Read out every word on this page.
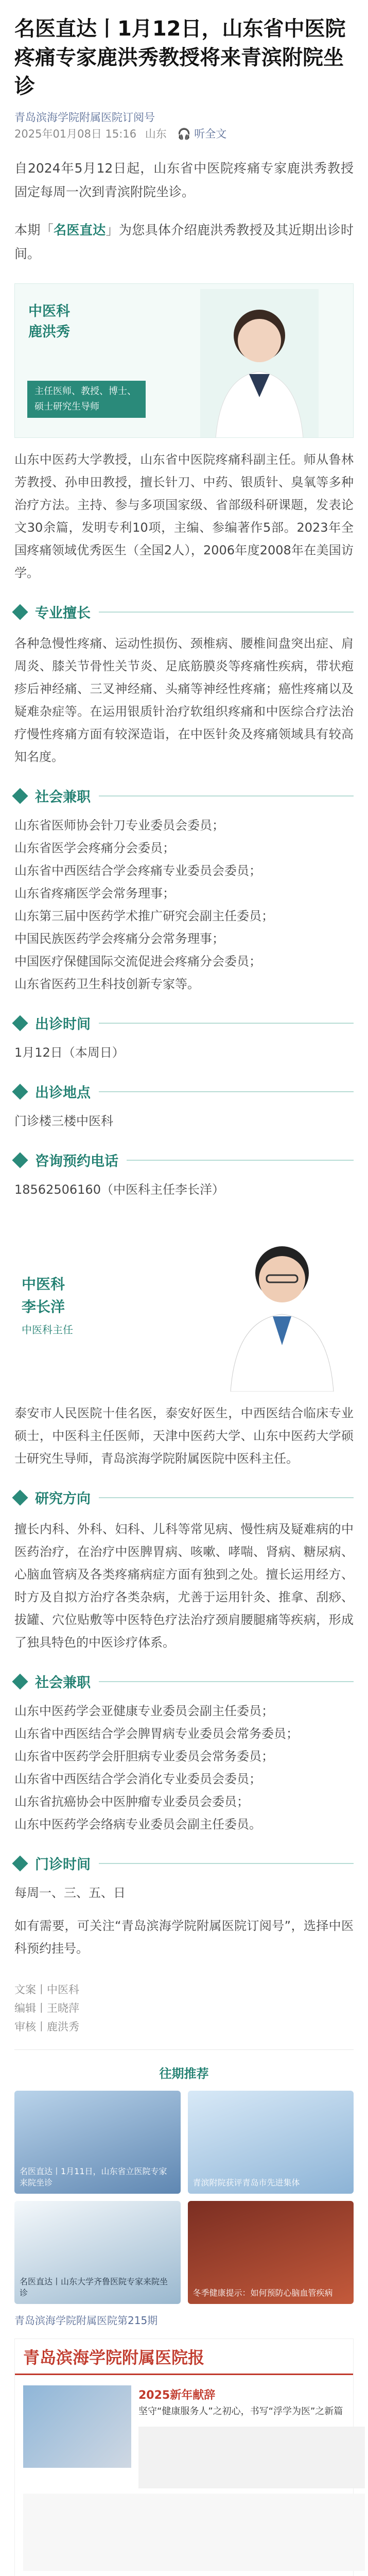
名医直达丨1月12日，山东省中医院疼痛专家鹿洪秀教授将来青滨附院坐诊
青岛滨海学院附属医院订阅号
2025年01月08日 15:16 山东 🎧 听全文

自2024年5月12日起，山东省中医院疼痛专家鹿洪秀教授固定每周一次到青滨附院坐诊。

本期「名医直达」为您具体介绍鹿洪秀教授及其近期出诊时间。

中医科
鹿洪秀
主任医师、教授、博士、硕士研究生导师

山东中医药大学教授，山东省中医院疼痛科副主任。师从鲁林芳教授、孙申田教授，擅长针刀、中药、银质针、臭氧等多种治疗方法。主持、参与多项国家级、省部级科研课题，发表论文30余篇，发明专利10项，主编、参编著作5部。2023年全国疼痛领域优秀医生（全国2人），2006年度2008年在美国访学。

专业擅长

各种急慢性疼痛、运动性损伤、颈椎病、腰椎间盘突出症、肩周炎、膝关节骨性关节炎、足底筋膜炎等疼痛性疾病，带状疱疹后神经痛、三叉神经痛、头痛等神经性疼痛；癌性疼痛以及疑难杂症等。在运用银质针治疗软组织疼痛和中医综合疗法治疗慢性疼痛方面有较深造诣，在中医针灸及疼痛领域具有较高知名度。

社会兼职

山东省医师协会针刀专业委员会委员；

山东省医学会疼痛分会委员；

山东省中西医结合学会疼痛专业委员会委员；

山东省疼痛医学会常务理事；

山东第三届中医药学术推广研究会副主任委员；

中国民族医药学会疼痛分会常务理事；

中国医疗保健国际交流促进会疼痛分会委员；

山东省医药卫生科技创新专家等。

出诊时间

1月12日（本周日）

出诊地点

门诊楼三楼中医科

咨询预约电话

18562506160（中医科主任李长洋）

中医科
李长洋
中医科主任

泰安市人民医院十佳名医，泰安好医生，中西医结合临床专业硕士，中医科主任医师，天津中医药大学、山东中医药大学硕士研究生导师，青岛滨海学院附属医院中医科主任。

研究方向

擅长内科、外科、妇科、儿科等常见病、慢性病及疑难病的中医药治疗，在治疗中医脾胃病、咳嗽、哮喘、肾病、糖尿病、心脑血管病及各类疼痛病症方面有独到之处。擅长运用经方、时方及自拟方治疗各类杂病，尤善于运用针灸、推拿、刮痧、拔罐、穴位贴敷等中医特色疗法治疗颈肩腰腿痛等疾病，形成了独具特色的中医诊疗体系。

社会兼职

山东中医药学会亚健康专业委员会副主任委员；

山东省中西医结合学会脾胃病专业委员会常务委员；

山东省中医药学会肝胆病专业委员会常务委员；

山东省中西医结合学会消化专业委员会委员；

山东省抗癌协会中医肿瘤专业委员会委员；

山东中医药学会络病专业委员会副主任委员。

门诊时间

每周一、三、五、日

如有需要，可关注“青岛滨海学院附属医院订阅号”，选择中医科预约挂号。

文案丨中医科
编辑丨王晓萍
审核丨鹿洪秀
往期推荐
名医直达丨1月11日，山东省立医院专家来院坐诊	青滨附院获评青岛市先进集体
名医直达丨山东大学齐鲁医院专家来院坐诊	冬季健康提示：如何预防心脑血管疾病
青岛滨海学院附属医院第215期
青岛滨海学院附属医院报
2025新年献辞
坚守“健康服务人”之初心，书写“浮学为医”之新篇
